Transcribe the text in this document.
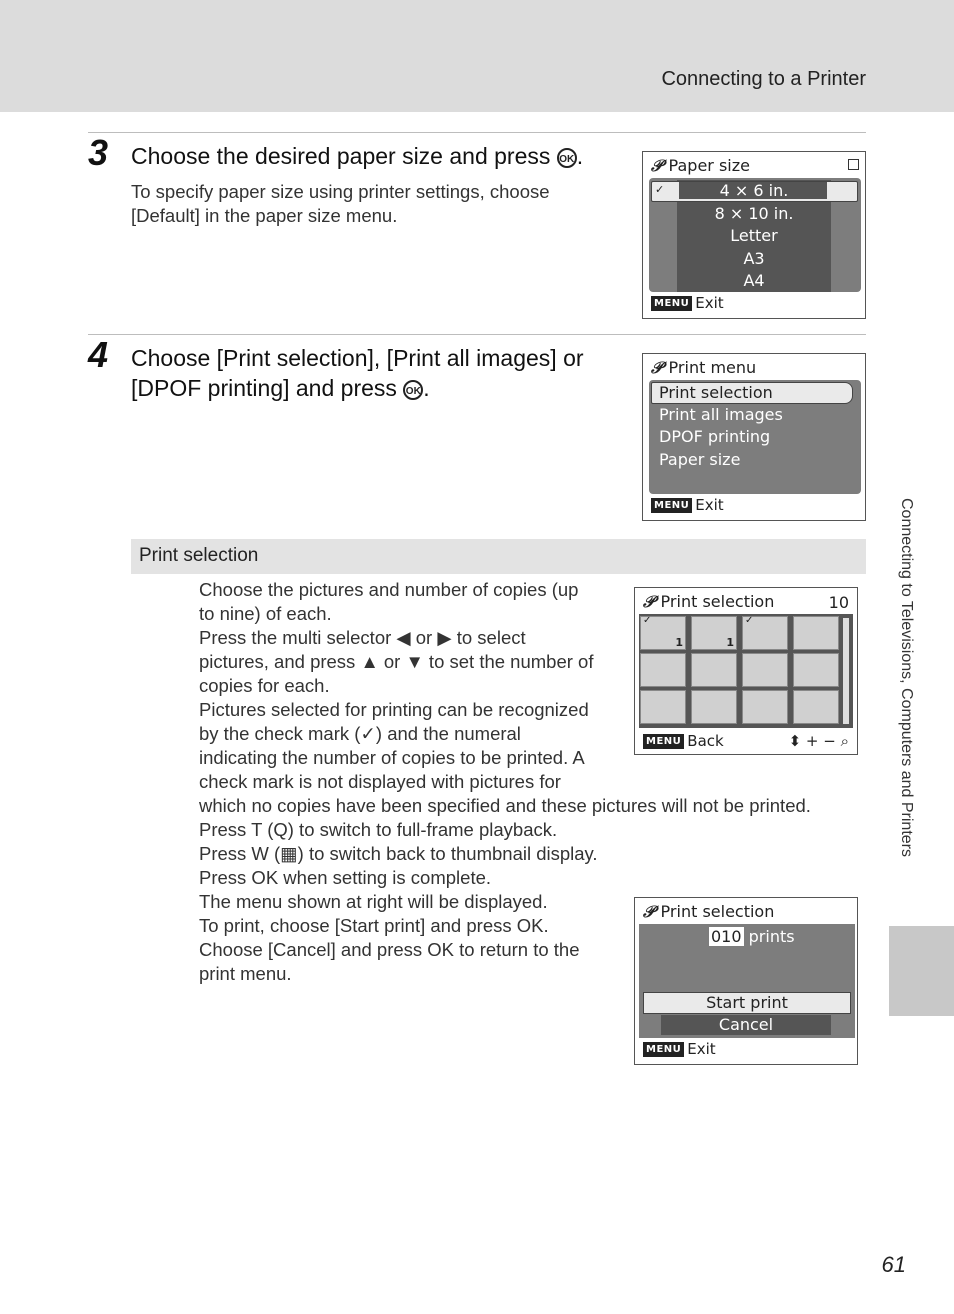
Connecting to a Printer
3 Choose the desired paper size and press OK .
To specify paper size using printer settings, choose
[Default] in the paper size menu.
𝒫 Paper size
✓	4 × 6 in.
8 × 10 in.
Letter
A3
A4
MENU Exit
4 Choose [Print selection], [Print all images] or
[DPOF printing] and press OK .
𝒫 Print menu
Print selection
Print all images
DPOF printing
Paper size
MENU Exit
Print selection
Choose the pictures and number of copies (up
to nine) of each.
Press the multi selector ◀ or ▶ to select
pictures, and press ▲ or ▼ to set the number of
copies for each.
Pictures selected for printing can be recognized
by the check mark (✓) and the numeral
indicating the number of copies to be printed. A
check mark is not displayed with pictures for
which no copies have been specified and these pictures will not be printed.
Press T (Q) to switch to full-frame playback.
Press W (▦) to switch back to thumbnail display.
Press OK when setting is complete.
The menu shown at right will be displayed.
To print, choose [Start print] and press OK.
Choose [Cancel] and press OK to return to the
print menu.
𝒫 Print selection	10
✓
1	1
✓
MENU Back	⬍ + − ⌕
𝒫 Print selection
010 prints
Start print
Cancel
MENU Exit
Connecting to Televisions, Computers and Printers
61
